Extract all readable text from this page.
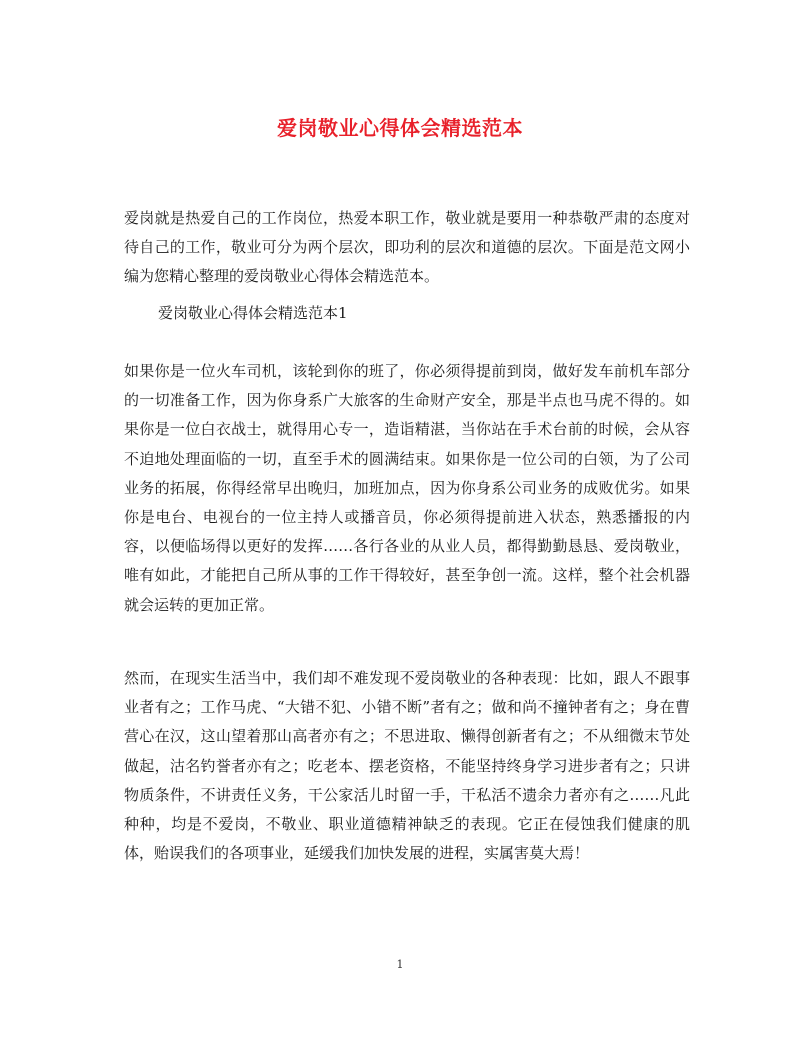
爱岗敬业心得体会精选范本
爱岗就是热爱自己的工作岗位，热爱本职工作，敬业就是要用一种恭敬严肃的态度对待自己的工作，敬业可分为两个层次，即功利的层次和道德的层次。下面是范文网小编为您精心整理的爱岗敬业心得体会精选范本。
爱岗敬业心得体会精选范本1
如果你是一位火车司机，该轮到你的班了，你必须得提前到岗，做好发车前机车部分的一切准备工作，因为你身系广大旅客的生命财产安全，那是半点也马虎不得的。如果你是一位白衣战士，就得用心专一，造诣精湛，当你站在手术台前的时候，会从容不迫地处理面临的一切，直至手术的圆满结束。如果你是一位公司的白领，为了公司业务的拓展，你得经常早出晚归，加班加点，因为你身系公司业务的成败优劣。如果你是电台、电视台的一位主持人或播音员，你必须得提前进入状态，熟悉播报的内容，以便临场得以更好的发挥……各行各业的从业人员，都得勤勤恳恳、爱岗敬业，唯有如此，才能把自己所从事的工作干得较好，甚至争创一流。这样，整个社会机器就会运转的更加正常。
然而，在现实生活当中，我们却不难发现不爱岗敬业的各种表现：比如，跟人不跟事业者有之；工作马虎、“大错不犯、小错不断”者有之；做和尚不撞钟者有之；身在曹营心在汉，这山望着那山高者亦有之；不思进取、懒得创新者有之；不从细微末节处做起，沽名钓誉者亦有之；吃老本、摆老资格，不能坚持终身学习进步者有之；只讲物质条件，不讲责任义务，干公家活儿时留一手，干私活不遗余力者亦有之……凡此种种，均是不爱岗，不敬业、职业道德精神缺乏的表现。它正在侵蚀我们健康的肌体，贻误我们的各项事业，延缓我们加快发展的进程，实属害莫大焉！
1
